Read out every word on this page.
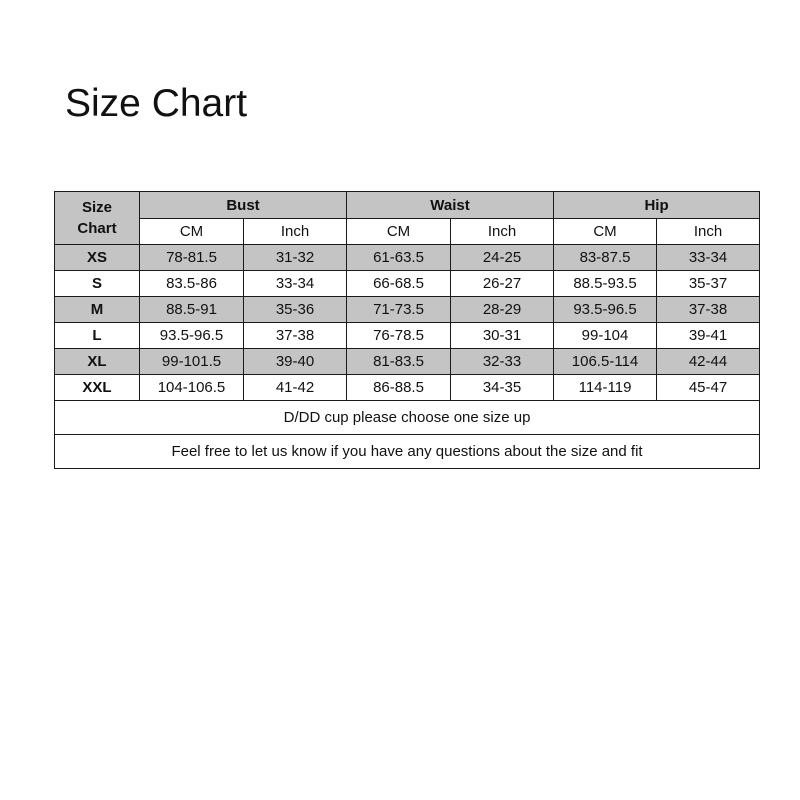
Size Chart
Size
Chart	Bust		Waist		Hip	
	CM	Inch	CM	Inch	CM	Inch
XS	78-81.5	31-32	61-63.5	24-25	83-87.5	33-34
S	83.5-86	33-34	66-68.5	26-27	88.5-93.5	35-37
M	88.5-91	35-36	71-73.5	28-29	93.5-96.5	37-38
L	93.5-96.5	37-38	76-78.5	30-31	99-104	39-41
XL	99-101.5	39-40	81-83.5	32-33	106.5-114	42-44
XXL	104-106.5	41-42	86-88.5	34-35	114-119	45-47
D/DD cup please choose one size up						
Feel free to let us know if you have any questions about the size and fit						
